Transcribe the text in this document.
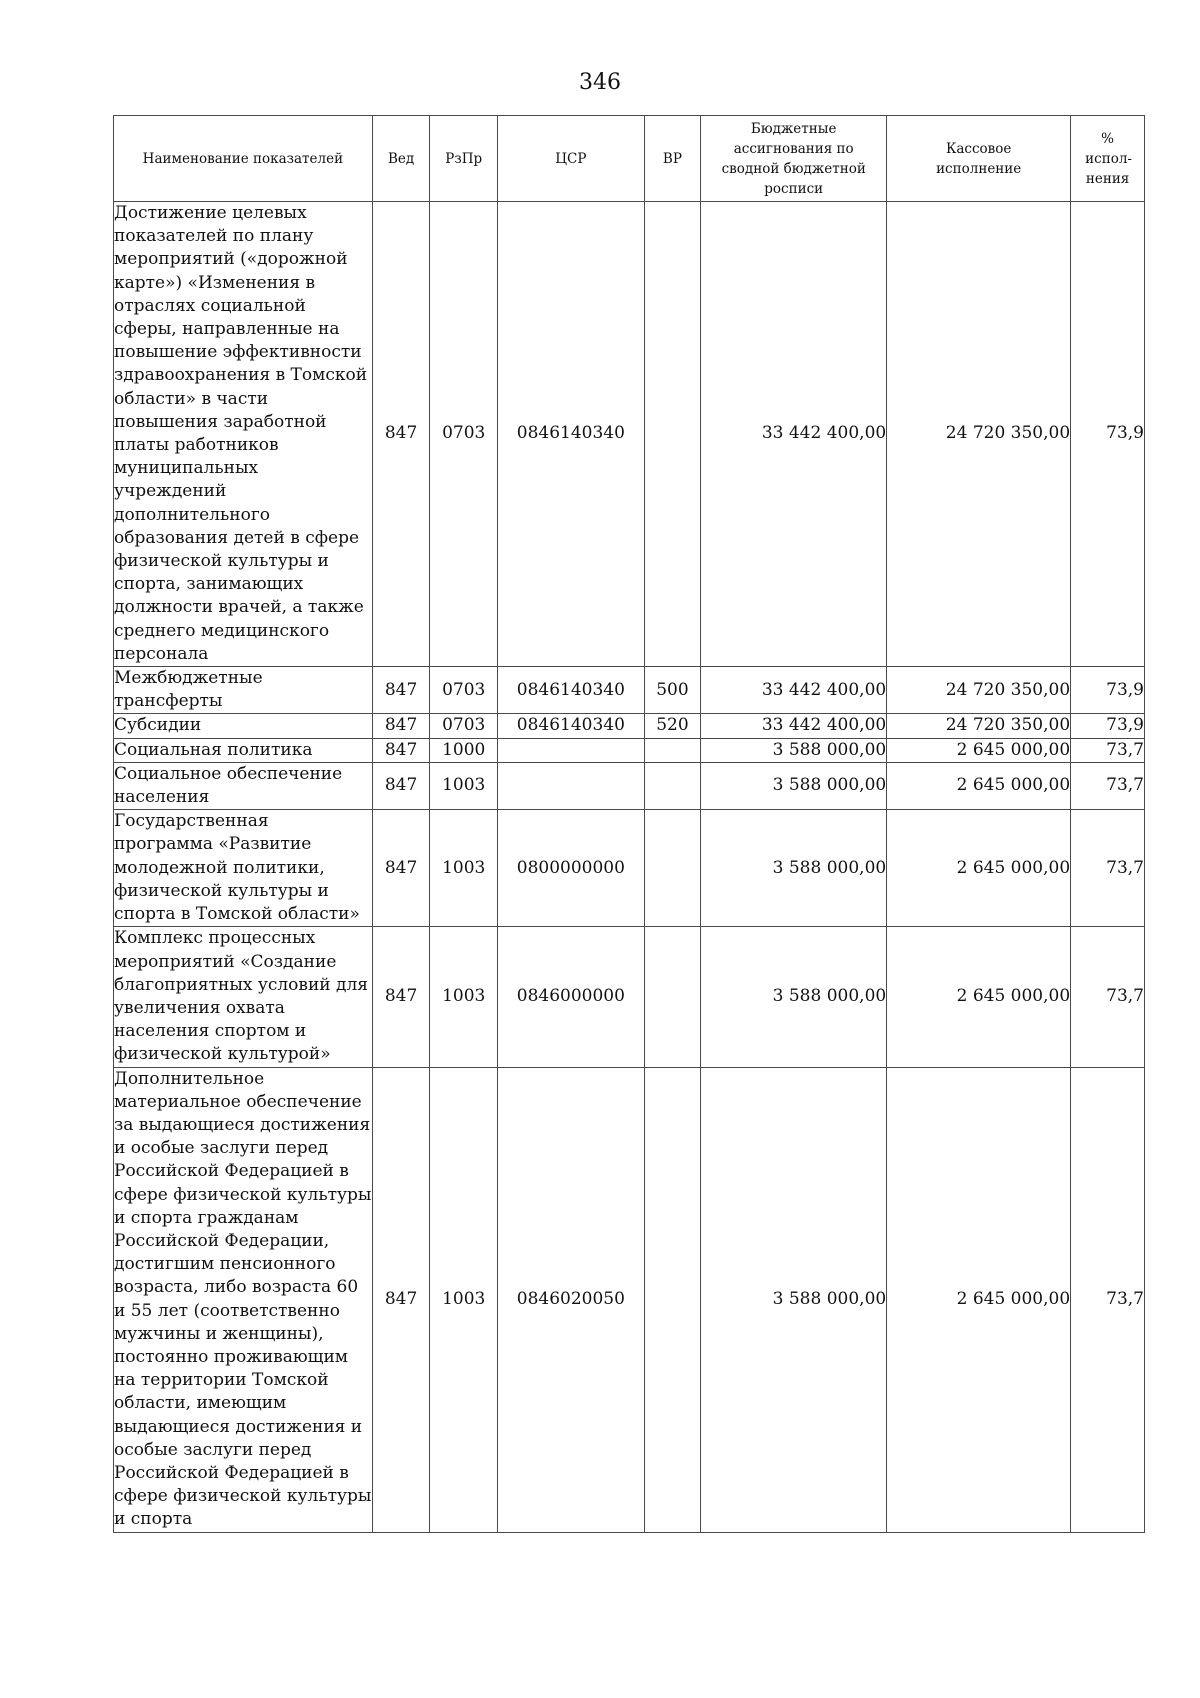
346
Наименование показателей	Вед	РзПр	ЦСР	ВР	Бюджетные ассигнования по сводной бюджетной росписи	Кассовое исполнение	% испол-нения
Достижение целевых показателей по плану мероприятий («дорожной карте») «Изменения в отраслях социальной сферы, направленные на повышение эффективности здравоохранения в Томской области» в части повышения заработной платы работников муниципальных учреждений дополнительного образования детей в сфере физической культуры и спорта, занимающих должности врачей, а также среднего медицинского персонала	847	0703	0846140340		33 442 400,00	24 720 350,00	73,9
Межбюджетные трансферты	847	0703	0846140340	500	33 442 400,00	24 720 350,00	73,9
Субсидии	847	0703	0846140340	520	33 442 400,00	24 720 350,00	73,9
Социальная политика	847	1000			3 588 000,00	2 645 000,00	73,7
Социальное обеспечение населения	847	1003			3 588 000,00	2 645 000,00	73,7
Государственная программа «Развитие молодежной политики, физической культуры и спорта в Томской области»	847	1003	0800000000		3 588 000,00	2 645 000,00	73,7
Комплекс процессных мероприятий «Создание благоприятных условий для увеличения охвата населения спортом и физической культурой»	847	1003	0846000000		3 588 000,00	2 645 000,00	73,7
Дополнительное материальное обеспечение за выдающиеся достижения и особые заслуги перед Российской Федерацией в сфере физической культуры и спорта гражданам Российской Федерации, достигшим пенсионного возраста, либо возраста 60 и 55 лет (соответственно мужчины и женщины), постоянно проживающим на территории Томской области, имеющим выдающиеся достижения и особые заслуги перед Российской Федерацией в сфере физической культуры и спорта	847	1003	0846020050		3 588 000,00	2 645 000,00	73,7
